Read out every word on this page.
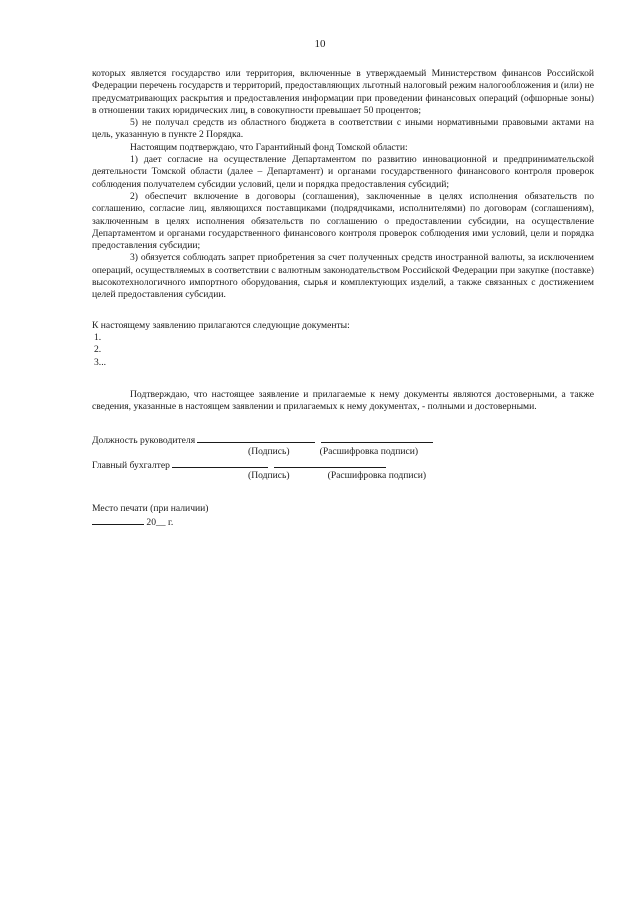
10

которых является государство или территория, включенные в утверждаемый Министерством финансов Российской Федерации перечень государств и территорий, предоставляющих льготный налоговый режим налогообложения и (или) не предусматривающих раскрытия и предоставления информации при проведении финансовых операций (офшорные зоны) в отношении таких юридических лиц, в совокупности превышает 50 процентов;

5) не получал средств из областного бюджета в соответствии с иными нормативными правовыми актами на цель, указанную в пункте 2 Порядка.

Настоящим подтверждаю, что Гарантийный фонд Томской области:

1) дает согласие на осуществление Департаментом по развитию инновационной и предпринимательской деятельности Томской области (далее – Департамент) и органами государственного финансового контроля проверок соблюдения получателем субсидии условий, цели и порядка предоставления субсидий;

2) обеспечит включение в договоры (соглашения), заключенные в целях исполнения обязательств по соглашению, согласие лиц, являющихся поставщиками (подрядчиками, исполнителями) по договорам (соглашениям), заключенным в целях исполнения обязательств по соглашению о предоставлении субсидии, на осуществление Департаментом и органами государственного финансового контроля проверок соблюдения ими условий, цели и порядка предоставления субсидии;

3) обязуется соблюдать запрет приобретения за счет полученных средств иностранной валюты, за исключением операций, осуществляемых в соответствии с валютным законодательством Российской Федерации при закупке (поставке) высокотехнологичного импортного оборудования, сырья и комплектующих изделий, а также связанных с достижением целей предоставления субсидии.

К настоящему заявлению прилагаются следующие документы:

1.

2.

3...

Подтверждаю, что настоящее заявление и прилагаемые к нему документы являются достоверными, а также сведения, указанные в настоящем заявлении и прилагаемых к нему документах, - полными и достоверными.

Должность руководителя
(Подпись)	(Расшифровка подписи)
Главный бухгалтер
(Подпись)	(Расшифровка подписи)

Место печати (при наличии)

20__ г.
